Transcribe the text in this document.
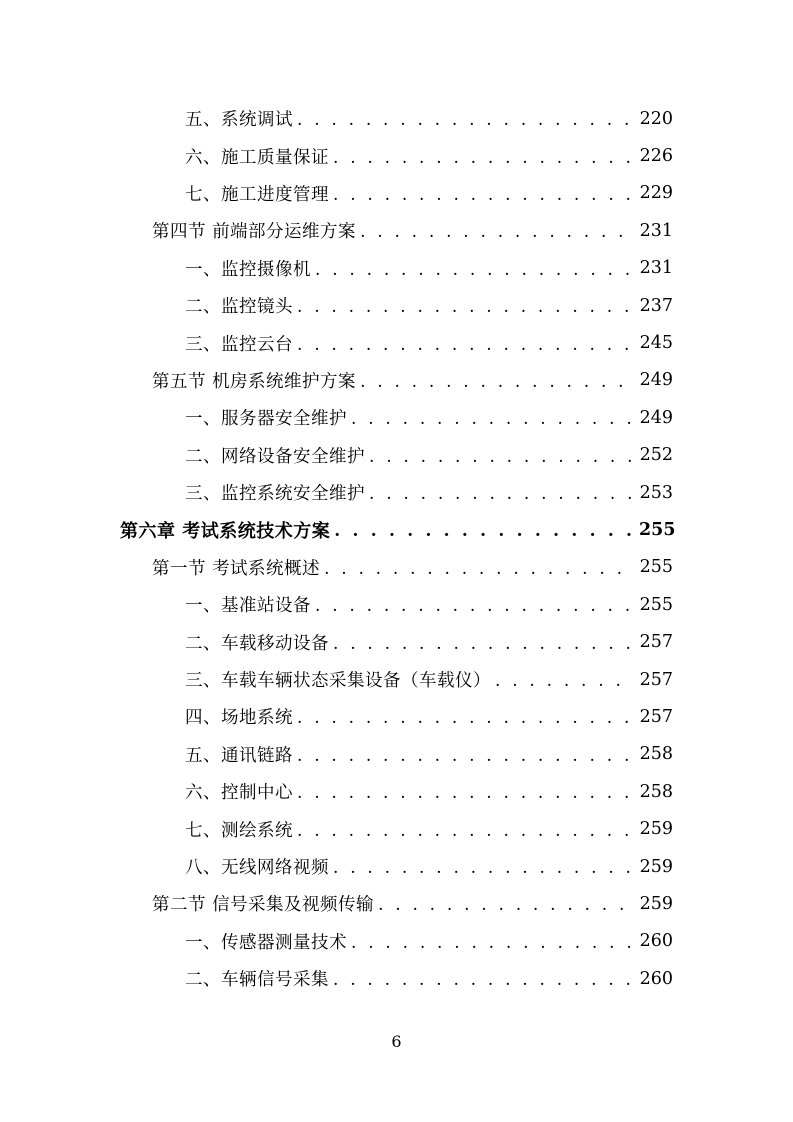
五、系统调试 . . .	220
六、施工质量保证 . . .	226
七、施工进度管理 . . .	229
第四节 前端部分运维方案 . . .	231
一、监控摄像机 . . .	231
二、监控镜头 . . .	237
三、监控云台 . . .	245
第五节 机房系统维护方案 . . .	249
一、服务器安全维护 . . .	249
二、网络设备安全维护 . . .	252
三、监控系统安全维护 . . .	253
第六章 考试系统技术方案 . . .	255
第一节 考试系统概述 . . .	255
一、基准站设备 . . .	255
二、车载移动设备 . . .	257
三、车载车辆状态采集设备（车载仪） . . .	257
四、场地系统 . . .	257
五、通讯链路 . . .	258
六、控制中心 . . .	258
七、测绘系统 . . .	259
八、无线网络视频 . . .	259
第二节 信号采集及视频传输 . . .	259
一、传感器测量技术 . . .	260
二、车辆信号采集 . . .	260
6
